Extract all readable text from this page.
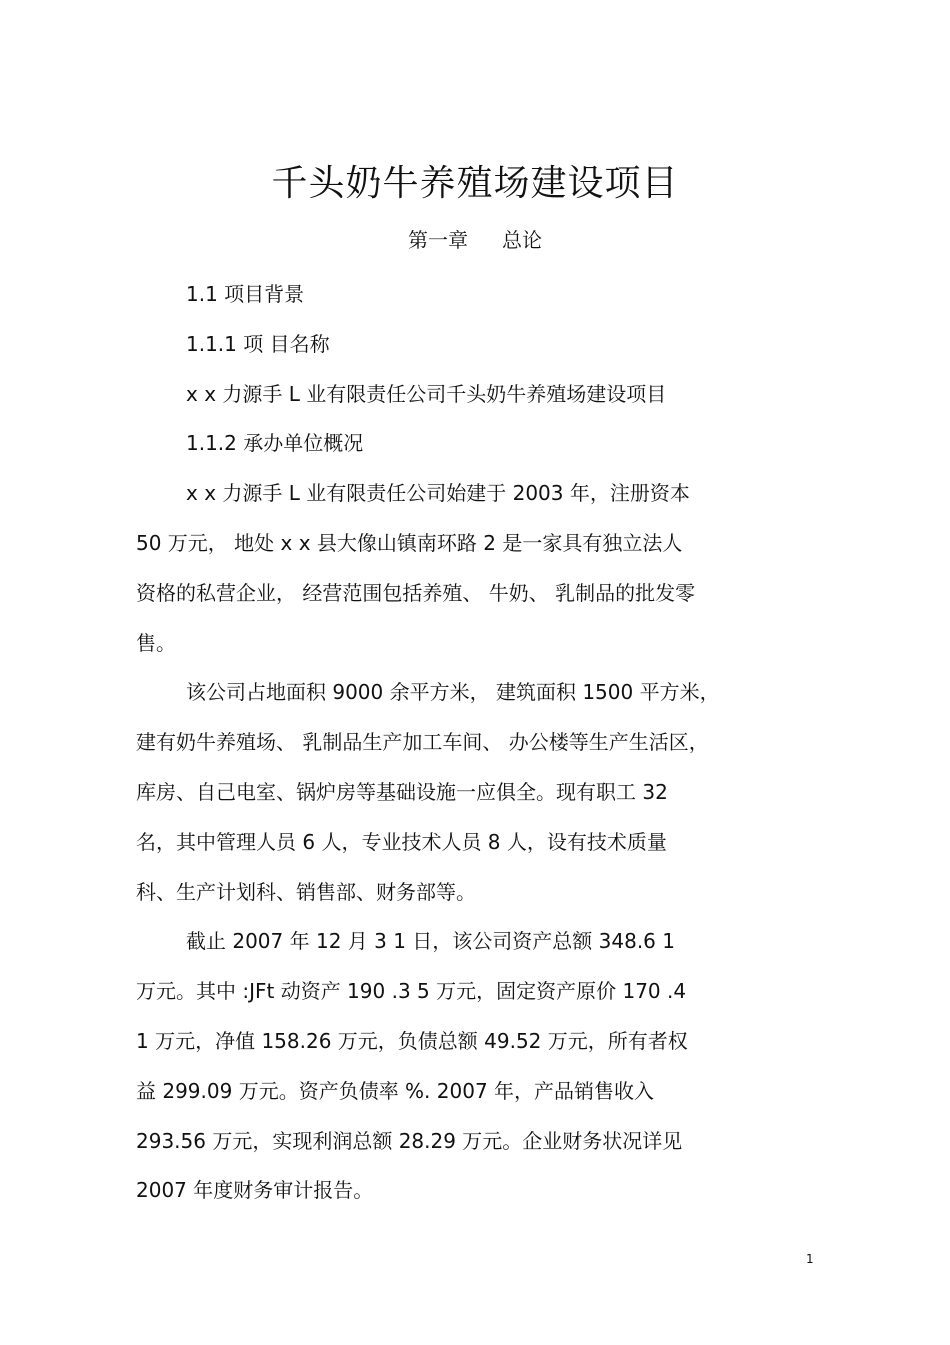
千头奶牛养殖场建设项目
第一章 总论

1.1 项目背景

1.1.1 项 目名称

x x 力源手 L 业有限责任公司千头奶牛养殖场建设项目

1.1.2 承办单位概况

x x 力源手 L 业有限责任公司始建于 2003 年，注册资本

50 万元， 地处 x x 县大像山镇南环路 2 是一家具有独立法人

资格的私营企业， 经营范围包括养殖、 牛奶、 乳制品的批发零

售。

该公司占地面积 9000 余平方米， 建筑面积 1500 平方米，

建有奶牛养殖场、 乳制品生产加工车间、 办公楼等生产生活区，

库房、自己电室、锅炉房等基础设施一应俱全。现有职工 32

名，其中管理人员 6 人，专业技术人员 8 人，设有技术质量

科、生产计划科、销售部、财务部等。

截止 2007 年 12 月 3 1 日，该公司资产总额 348.6 1

万元。其中 :JFt 动资产 190 .3 5 万元，固定资产原价 170 .4

1 万元，净值 158.26 万元，负债总额 49.52 万元，所有者权

益 299.09 万元。资产负债率 %. 2007 年，产品销售收入

293.56 万元，实现利润总额 28.29 万元。企业财务状况详见

2007 年度财务审计报告。

1
